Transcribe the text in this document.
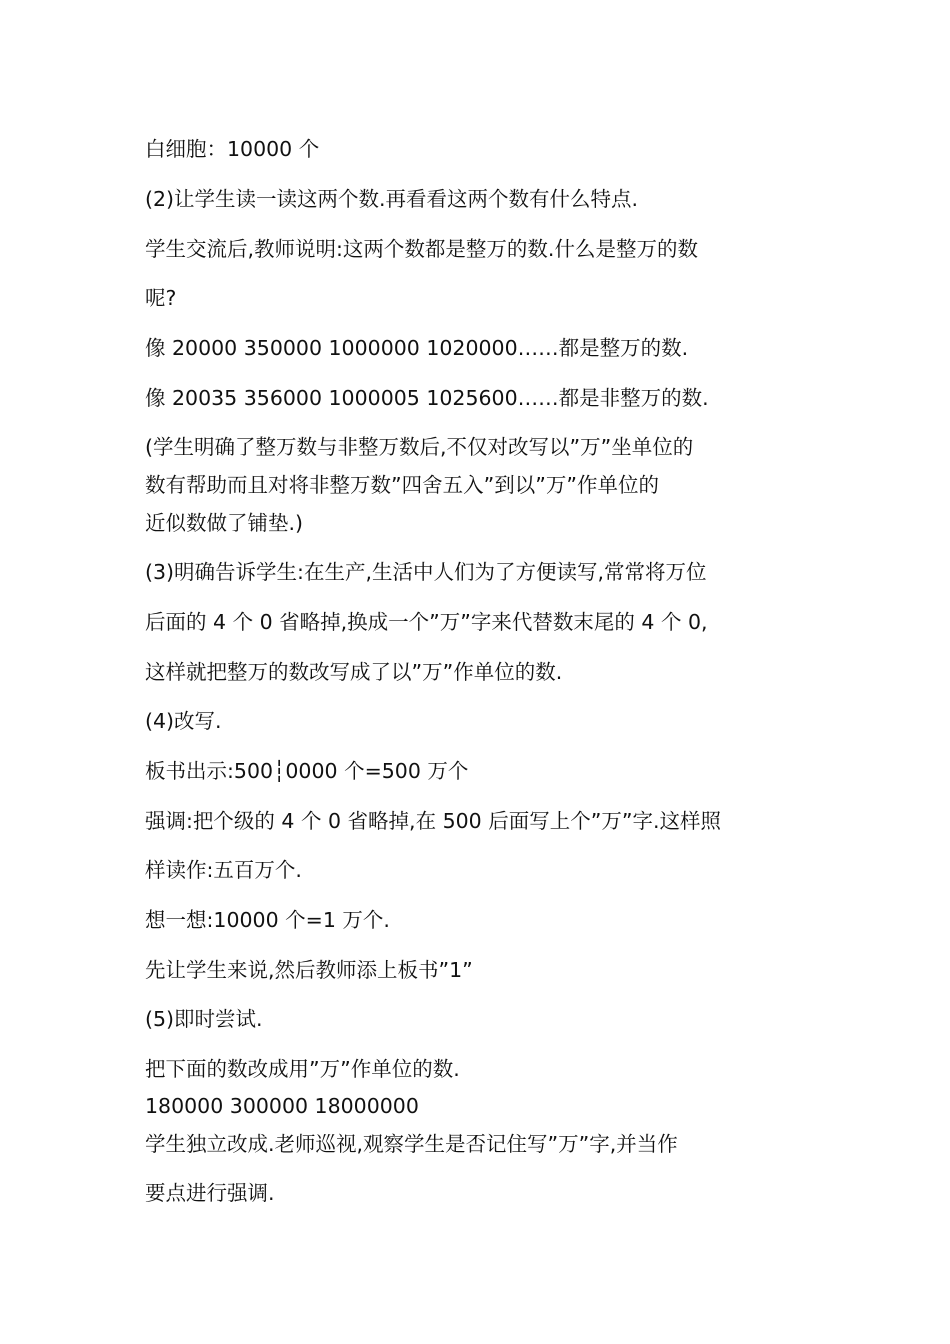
白细胞：10000 个
(2)让学生读一读这两个数.再看看这两个数有什么特点.
学生交流后,教师说明:这两个数都是整万的数.什么是整万的数
呢?
像 20000 350000 1000000 1020000……都是整万的数.
像 20035 356000 1000005 1025600……都是非整万的数.
(学生明确了整万数与非整万数后,不仅对改写以”万”坐单位的
数有帮助而且对将非整万数”四舍五入”到以”万”作单位的
近似数做了铺垫.)
(3)明确告诉学生:在生产,生活中人们为了方便读写,常常将万位
后面的 4 个 0 省略掉,换成一个”万”字来代替数末尾的 4 个 0,
这样就把整万的数改写成了以”万”作单位的数.
(4)改写.
板书出示:500┆0000 个=500 万个
强调:把个级的 4 个 0 省略掉,在 500 后面写上个”万”字.这样照
样读作:五百万个.
想一想:10000 个=1 万个.
先让学生来说,然后教师添上板书”1”
(5)即时尝试.
把下面的数改成用”万”作单位的数.
180000 300000 18000000
学生独立改成.老师巡视,观察学生是否记住写”万”字,并当作
要点进行强调.
